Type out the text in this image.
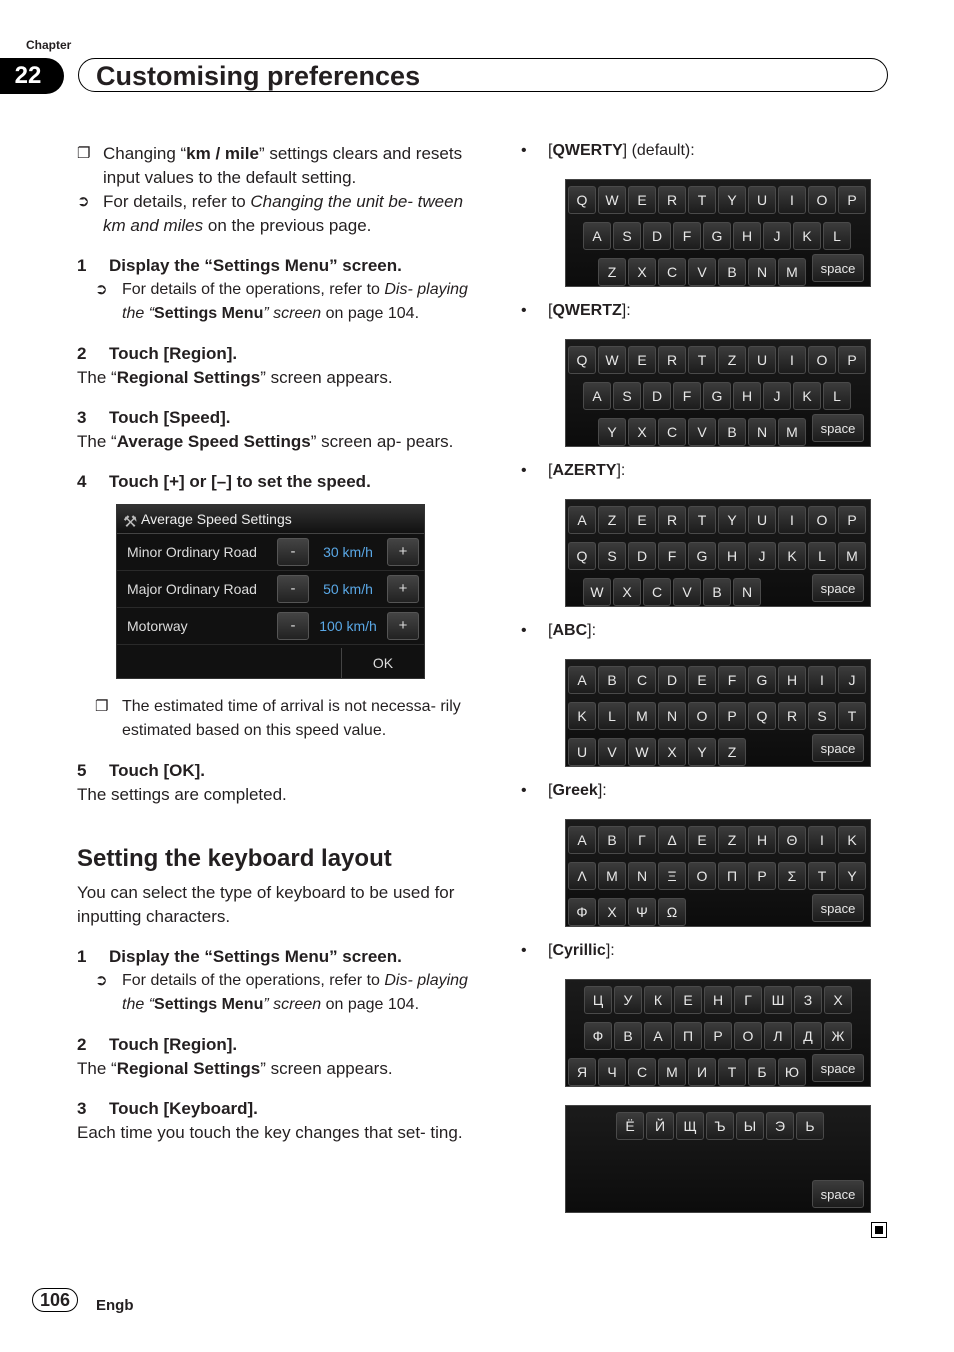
Chapter
22	Customising preferences
❐ Changing “km / mile” settings clears and resets input values to the default setting.
➲ For details, refer to Changing the unit be- tween km and miles on the previous page.
1	Display the “Settings Menu” screen.
➲ For details of the operations, refer to Dis- playing the “Settings Menu” screen on page 104.
2	Touch [Region].

The “Regional Settings” screen appears.

3	Touch [Speed].

The “Average Speed Settings” screen ap- pears.

4	Touch [+] or [–] to set the speed.
⚒ Average Speed Settings
Minor Ordinary Road	-	30 km/h	+
Major Ordinary Road	-	50 km/h	+
Motorway	-	100 km/h	+
OK
❐ The estimated time of arrival is not necessa- rily estimated based on this speed value.
5	Touch [OK].

The settings are completed.

Setting the keyboard layout

You can select the type of keyboard to be used for inputting characters.

1	Display the “Settings Menu” screen.
➲ For details of the operations, refer to Dis- playing the “Settings Menu” screen on page 104.
2	Touch [Region].

The “Regional Settings” screen appears.

3	Touch [Keyboard].

Each time you touch the key changes that set- ting.

•	[ QWERTY ] (default):
•	[ QWERTZ ]:
•	[ AZERTY ]:
•	[ ABC ]:
•	[ Greek ]:
•	[ Cyrillic ]:
Q	W	E	R	T	Y	U	I	O	P
A	S	D	F	G	H	J	K	L
Z	X	C	V	B	N	M	space
Q	W	E	R	T	Z	U	I	O	P
A	S	D	F	G	H	J	K	L
Y	X	C	V	B	N	M	space
A	Z	E	R	T	Y	U	I	O	P
Q	S	D	F	G	H	J	K	L	M
W	X	C	V	B	N	space
A	B	C	D	E	F	G	H	I	J
K	L	M	N	O	P	Q	R	S	T
U	V	W	X	Y	Z	space
Α	Β	Γ	Δ	Ε	Ζ	Η	Θ	Ι	Κ
Λ	Μ	Ν	Ξ	Ο	Π	Ρ	Σ	Τ	Υ
Φ	Χ	Ψ	Ω	space
Ц	У	К	Е	Н	Г	Ш	З	Х
Ф	В	А	П	Р	О	Л	Д	Ж
Я	Ч	С	М	И	Т	Б	Ю	space
Ё	Й	Щ	Ъ	Ы	Э	Ь
space
106	Engb
